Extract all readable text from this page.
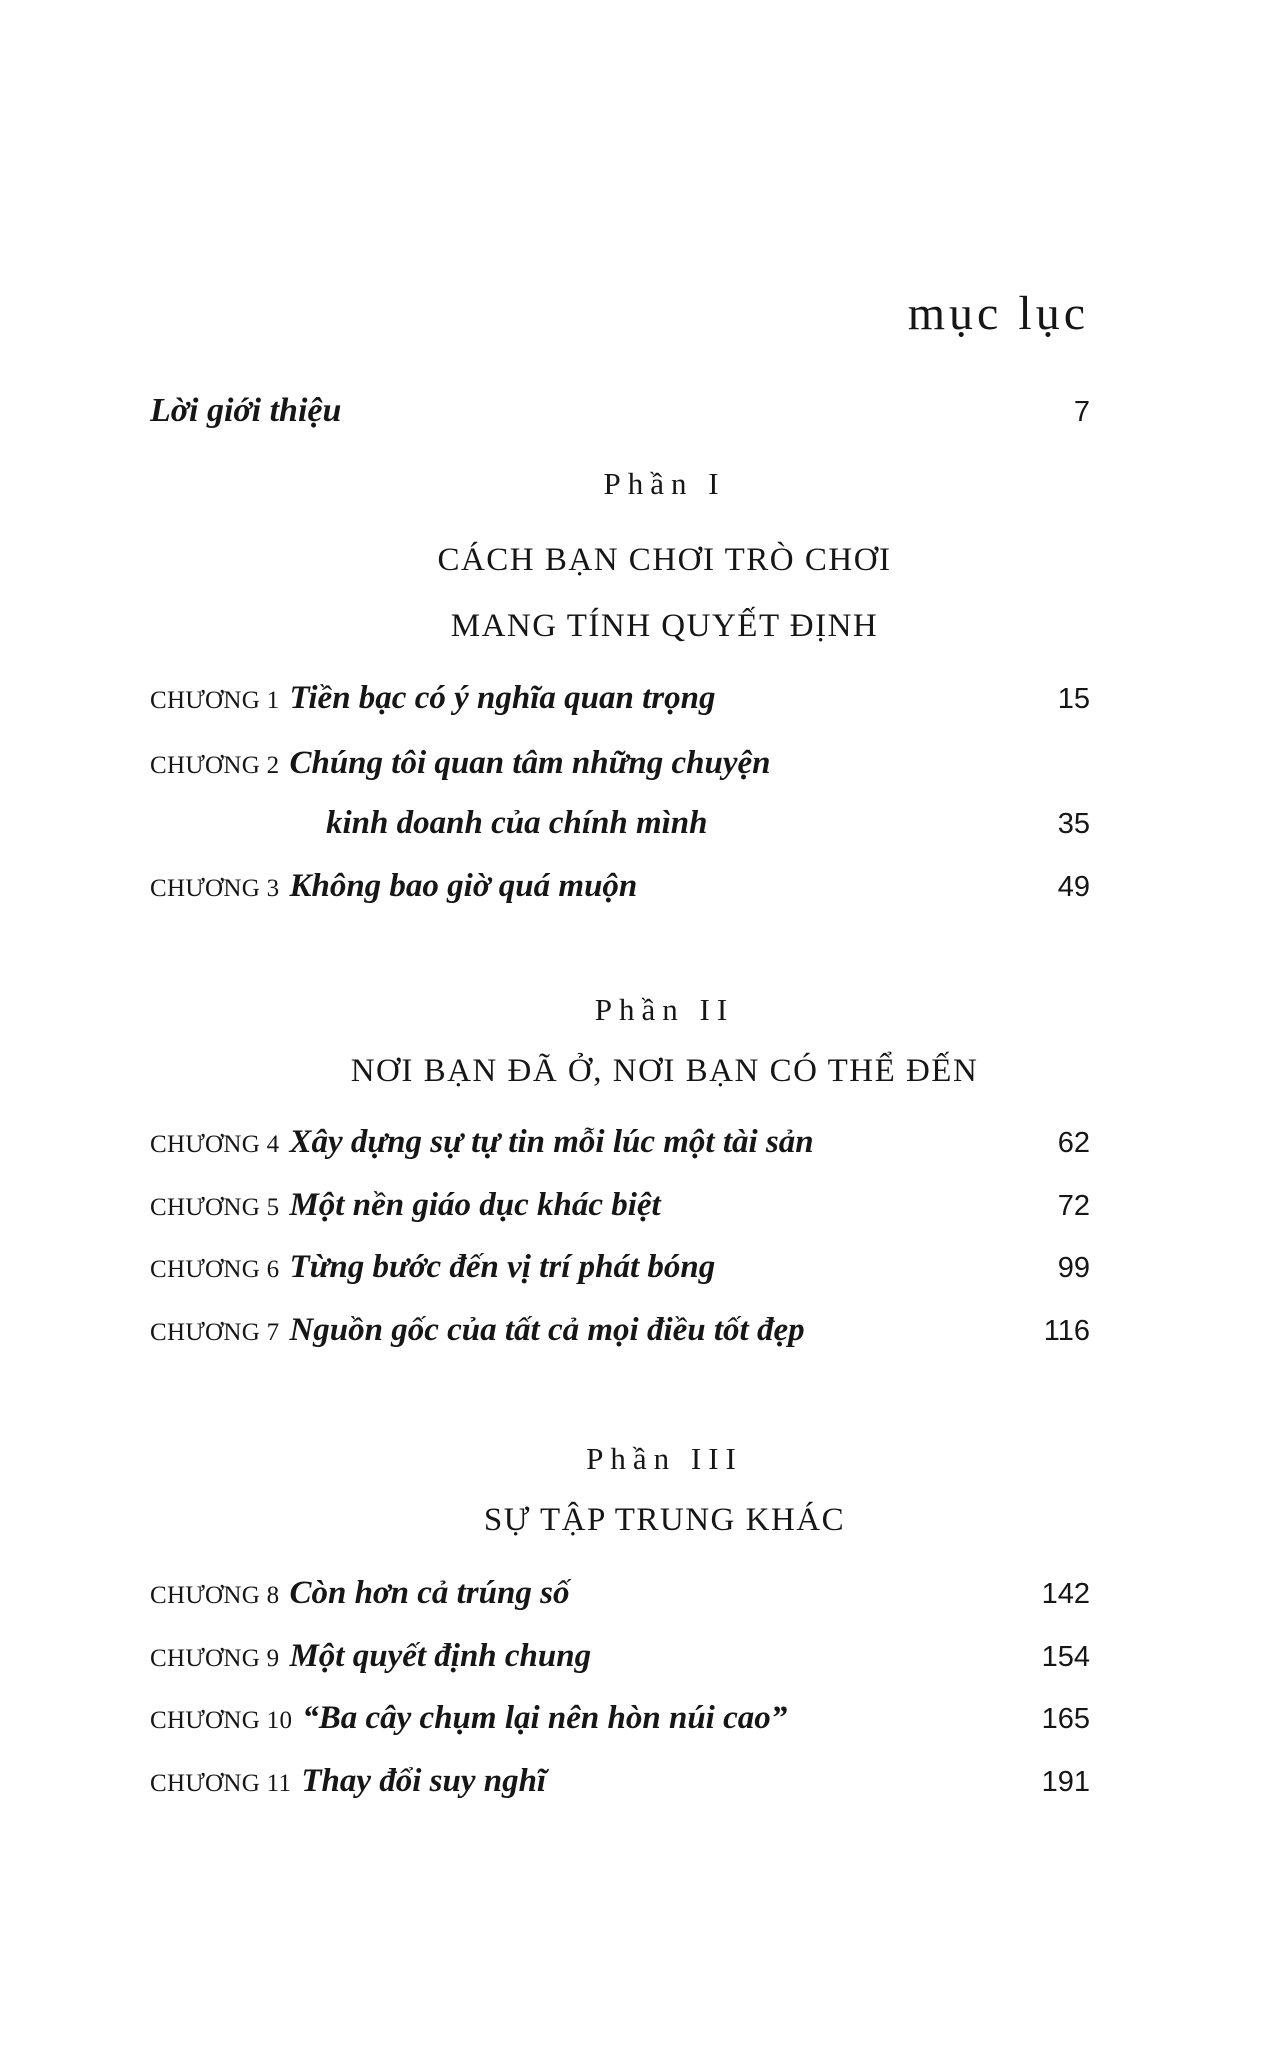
mục lục
Lời giới thiệu	7
Phần I
CÁCH BẠN CHƠI TRÒ CHƠI
MANG TÍNH QUYẾT ĐỊNH
CHƯƠNG 1 Tiền bạc có ý nghĩa quan trọng	15
CHƯƠNG 2 Chúng tôi quan tâm những chuyện
kinh doanh của chính mình	35
CHƯƠNG 3 Không bao giờ quá muộn	49
Phần II
NƠI BẠN ĐÃ Ở, NƠI BẠN CÓ THỂ ĐẾN
CHƯƠNG 4 Xây dựng sự tự tin mỗi lúc một tài sản	62
CHƯƠNG 5 Một nền giáo dục khác biệt	72
CHƯƠNG 6 Từng bước đến vị trí phát bóng	99
CHƯƠNG 7 Nguồn gốc của tất cả mọi điều tốt đẹp	116
Phần III
SỰ TẬP TRUNG KHÁC
CHƯƠNG 8 Còn hơn cả trúng số	142
CHƯƠNG 9 Một quyết định chung	154
CHƯƠNG 10 “Ba cây chụm lại nên hòn núi cao”	165
CHƯƠNG 11 Thay đổi suy nghĩ	191
